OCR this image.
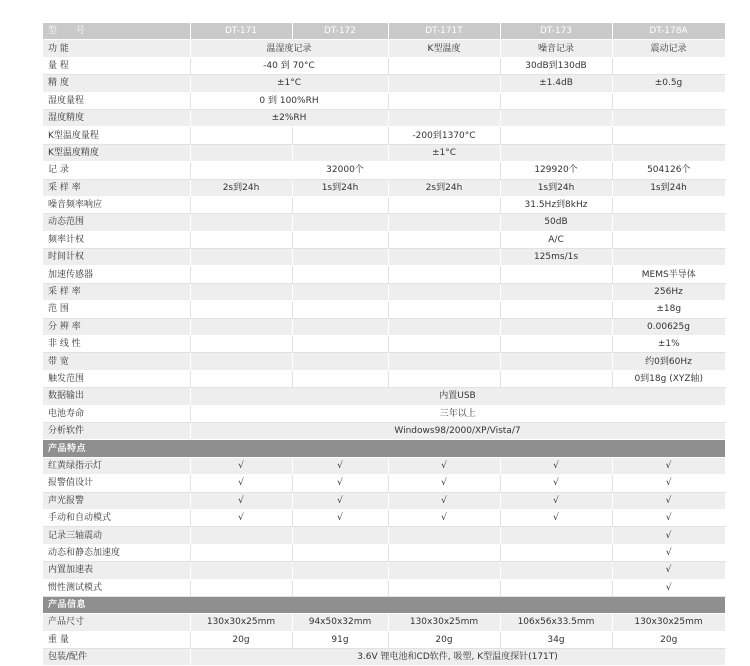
型 号	DT-171	DT-172	DT-171T	DT-173	DT-178A
功 能	温湿度记录		K型温度	噪音记录	震动记录
量 程	-40 到 70°C			30dB到130dB	
精 度	±1°C			±1.4dB	±0.5g
湿度量程	0 到 100%RH				
湿度精度	±2%RH				
K型温度量程			-200到1370°C		
K型温度精度			±1°C		
记 录	32000个			129920个	504126个
采 样 率	2s到24h	1s到24h	2s到24h	1s到24h	1s到24h
噪音频率响应				31.5Hz到8kHz	
动态范围				50dB	
频率计权				A/C	
时间计权				125ms/1s	
加速传感器					MEMS半导体
采 样 率					256Hz
范 围					±18g
分 辨 率					0.00625g
非 线 性					±1%
带 宽					约0到60Hz
触发范围					0到18g (XYZ轴)
数据输出	内置USB				
电池寿命	三年以上				
分析软件	Windows98/2000/XP/Vista/7				
产品特点					
红黄绿指示灯	√	√	√	√	√
报警值设计	√	√	√	√	√
声光报警	√	√	√	√	√
手动和自动模式	√	√	√	√	√
记录三轴震动					√
动态和静态加速度					√
内置加速表					√
惯性测试模式					√
产品信息					
产品尺寸	130x30x25mm	94x50x32mm	130x30x25mm	106x56x33.5mm	130x30x25mm
重 量	20g	91g	20g	34g	20g
包装/配件	3.6V 锂电池和CD软件, 吸塑, K型温度探针(171T)				
